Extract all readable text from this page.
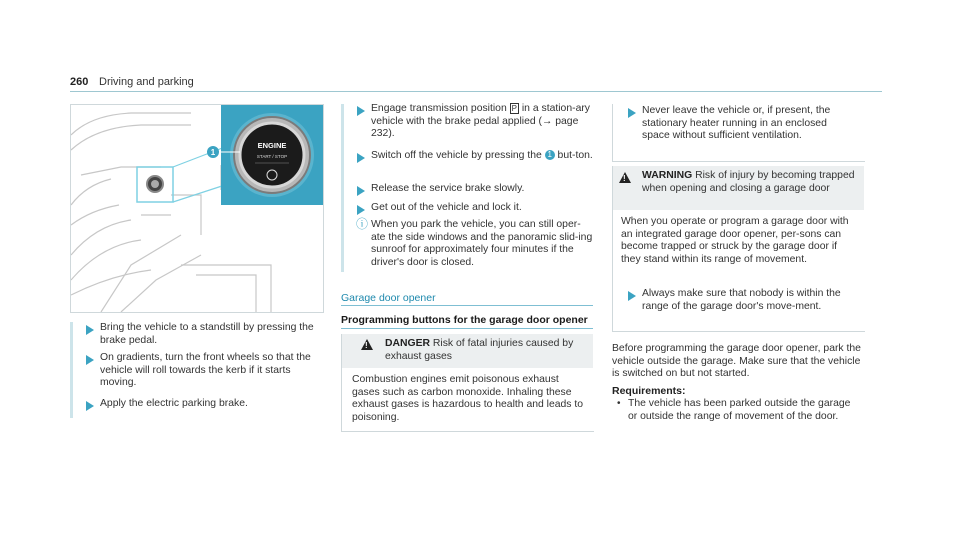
260 Driving and parking
1
ENGINE
START / STOP
Bring the vehicle to a standstill by pressing the brake pedal.
On gradients, turn the front wheels so that the vehicle will roll towards the kerb if it starts moving.
Apply the electric parking brake.
Engage transmission position P in a station-ary vehicle with the brake pedal applied (→ page 232).
Switch off the vehicle by pressing the 1 but-ton.
Release the service brake slowly.
Get out of the vehicle and lock it.
ⓘ When you park the vehicle, you can still oper-ate the side windows and the panoramic slid-ing sunroof for approximately four minutes if the driver's door is closed.
Garage door opener
Programming buttons for the garage door opener
! DANGER Risk of fatal injuries caused by exhaust gases
Combustion engines emit poisonous exhaust gases such as carbon monoxide. Inhaling these exhaust gases is hazardous to health and leads to poisoning.
Never leave the vehicle or, if present, the stationary heater running in an enclosed space without sufficient ventilation.
! WARNING Risk of injury by becoming trapped when opening and closing a garage door
When you operate or program a garage door with an integrated garage door opener, per-sons can become trapped or struck by the garage door if they stand within its range of movement.
Always make sure that nobody is within the range of the garage door's move-ment.
Before programming the garage door opener, park the vehicle outside the garage. Make sure that the vehicle is switched on but not started.
Requirements:
• The vehicle has been parked outside the garage or outside the range of movement of the door.
